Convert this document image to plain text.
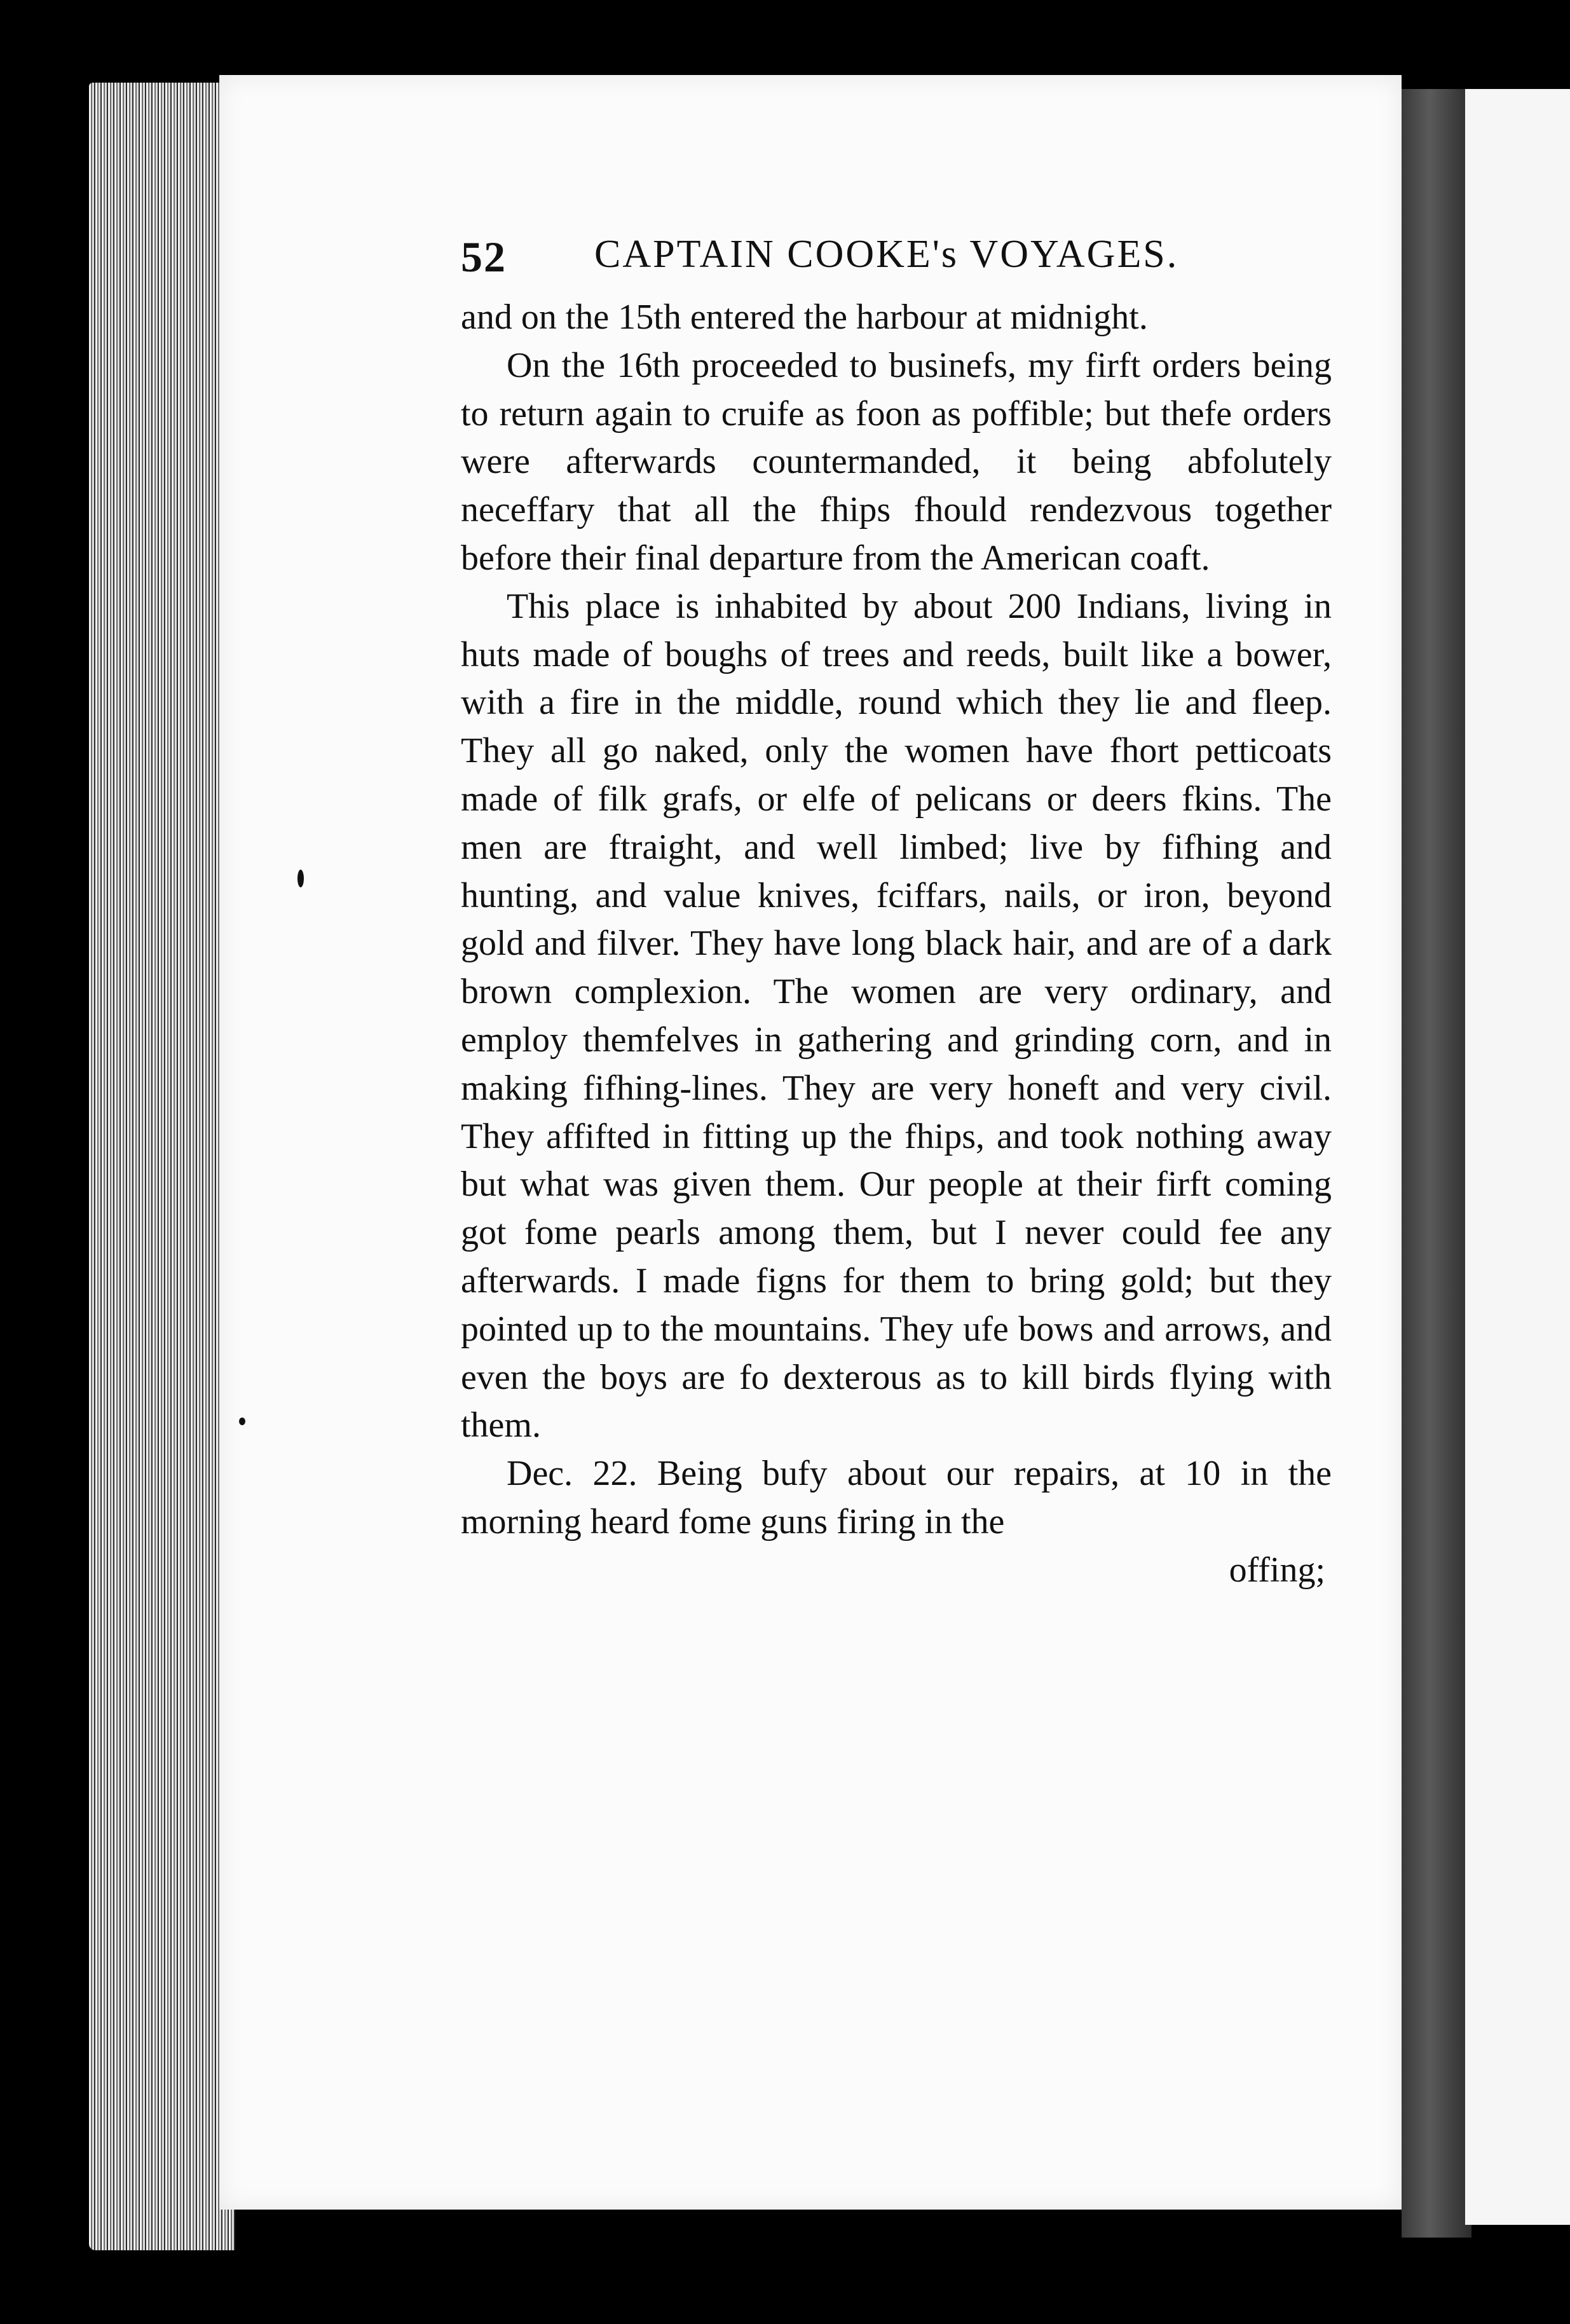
52 CAPTAIN COOKE's VOYAGES.

and on the 15th entered the harbour at midnight.

On the 16th proceeded to businefs, my firft orders being to return again to cruife as foon as poffible; but thefe orders were afterwards countermanded, it being abfolutely neceffary that all the fhips fhould rendezvous together before their final departure from the American coaft.

This place is inhabited by about 200 Indians, living in huts made of boughs of trees and reeds, built like a bower, with a fire in the middle, round which they lie and fleep. They all go naked, only the women have fhort petticoats made of filk grafs, or elfe of pelicans or deers fkins. The men are ftraight, and well limbed; live by fifhing and hunting, and value knives, fciffars, nails, or iron, beyond gold and filver. They have long black hair, and are of a dark brown complexion. The women are very ordinary, and employ themfelves in gathering and grinding corn, and in making fifhing-lines. They are very honeft and very civil. They affifted in fitting up the fhips, and took nothing away but what was given them. Our people at their firft coming got fome pearls among them, but I never could fee any afterwards. I made figns for them to bring gold; but they pointed up to the mountains. They ufe bows and arrows, and even the boys are fo dexterous as to kill birds flying with them.

Dec. 22. Being bufy about our repairs, at 10 in the morning heard fome guns firing in the

offing;
